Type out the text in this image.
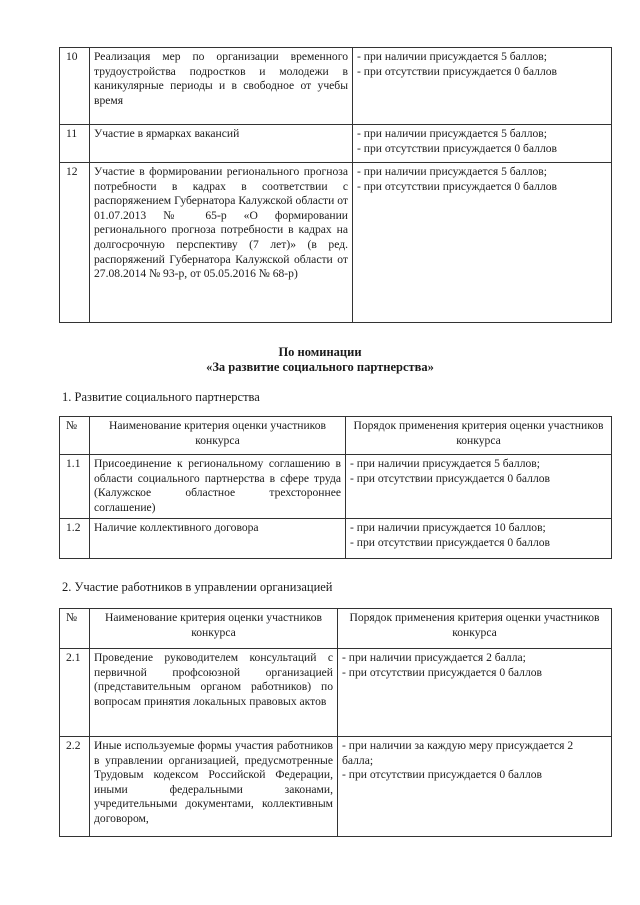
10	Реализация мер по организации временного трудоустройства подростков и молодежи в каникулярные периоды и в свободное от учебы время	- при наличии присуждается 5 баллов;
- при отсутствии присуждается 0 баллов

11	Участие в ярмарках вакансий	- при наличии присуждается 5 баллов;
- при отсутствии присуждается 0 баллов

12	Участие в формировании регионального прогноза потребности в кадрах в соответствии с распоряжением Губернатора Калужской области от 01.07.2013 № 65-р «О формировании регионального прогноза потребности в кадрах на долгосрочную перспективу (7 лет)» (в ред. распоряжений Губернатора Калужской области от 27.08.2014 № 93-р, от 05.05.2016 № 68-р)	- при наличии присуждается 5 баллов;
- при отсутствии присуждается 0 баллов
По номинации
«За развитие социального партнерства»
1. Развитие социального партнерства
№	Наименование критерия оценки участников конкурса	Порядок применения критерия оценки участников конкурса
1.1	Присоединение к региональному соглашению в области социального партнерства в сфере труда (Калужское областное трехстороннее соглашение)	- при наличии присуждается 5 баллов;
- при отсутствии присуждается 0 баллов

1.2	Наличие коллективного договора	- при наличии присуждается 10 баллов;
- при отсутствии присуждается 0 баллов
2. Участие работников в управлении организацией
№	Наименование критерия оценки участников конкурса	Порядок применения критерия оценки участников конкурса
2.1	Проведение руководителем консультаций с первичной профсоюзной организацией (представительным органом работников) по вопросам принятия локальных правовых актов	- при наличии присуждается 2 балла;
- при отсутствии присуждается 0 баллов

2.2	Иные используемые формы участия работников в управлении организацией, предусмотренные Трудовым кодексом Российской Федерации, иными федеральными законами, учредительными документами, коллективным договором,	- при наличии за каждую меру присуждается 2 балла;
- при отсутствии присуждается 0 баллов
